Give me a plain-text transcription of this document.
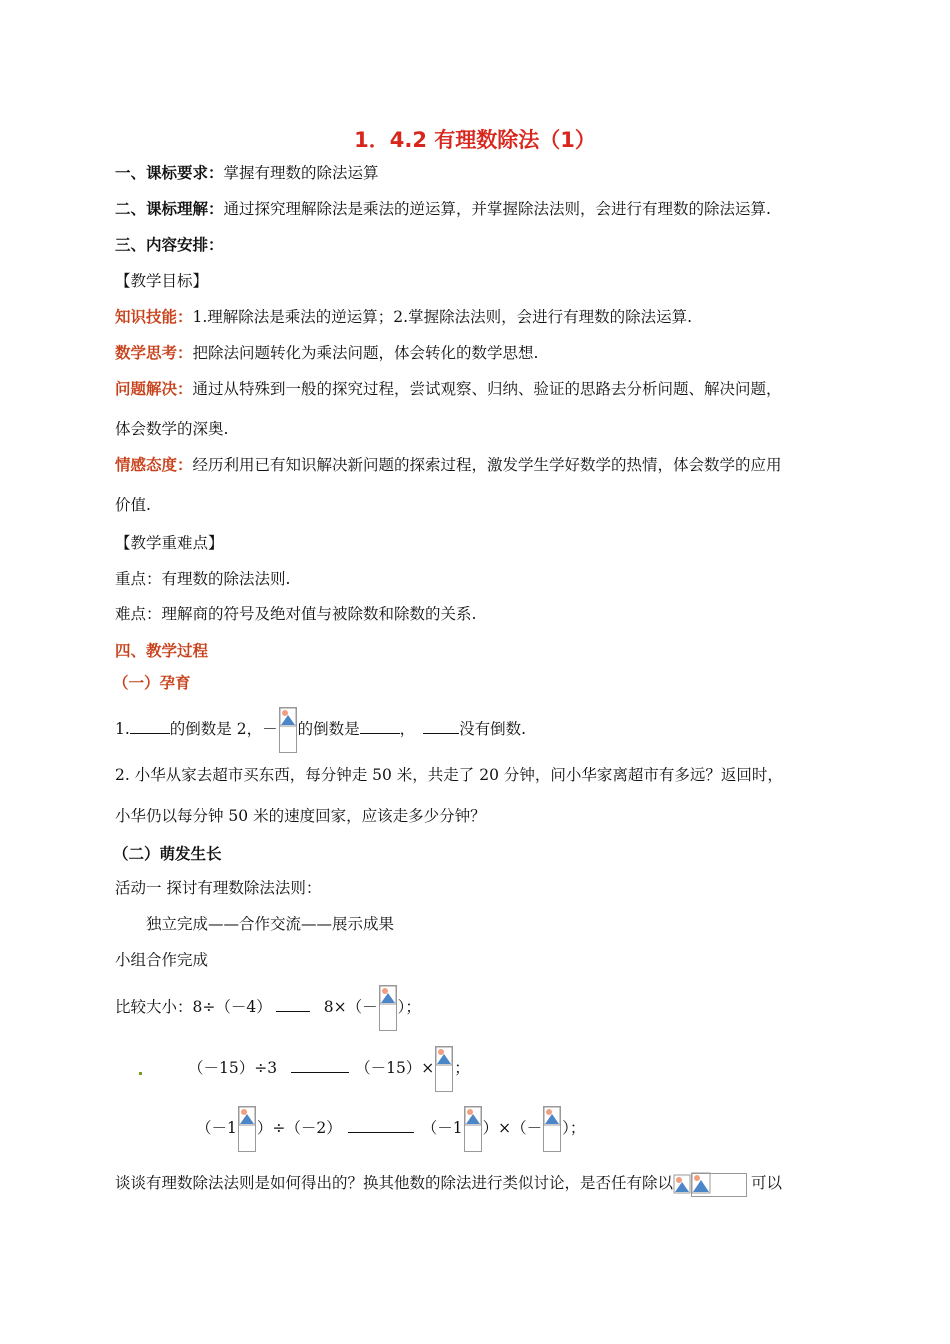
1．4.2 有理数除法（1）
一、课标要求：掌握有理数的除法运算
二、课标理解：通过探究理解除法是乘法的逆运算，并掌握除法法则，会进行有理数的除法运算.
三、内容安排：
【教学目标】
知识技能：1.理解除法是乘法的逆运算；2.掌握除法法则，会进行有理数的除法运算.
数学思考：把除法问题转化为乘法问题，体会转化的数学思想.
问题解决：通过从特殊到一般的探究过程，尝试观察、归纳、验证的思路去分析问题、解决问题，
体会数学的深奥.
情感态度：经历利用已有知识解决新问题的探索过程，激发学生学好数学的热情，体会数学的应用
价值.
【教学重难点】
重点：有理数的除法法则.
难点：理解商的符号及绝对值与被除数和除数的关系.
四、教学过程
（一）孕育
1.	的倒数是 2，－ 的倒数是	，	没有倒数.
2. 小华从家去超市买东西，每分钟走 50 米，共走了 20 分钟，问小华家离超市有多远？返回时，
小华仍以每分钟 50 米的速度回家，应该走多少分钟？
（二）萌发生长
活动一 探讨有理数除法法则：
独立完成——合作交流——展示成果
小组合作完成
比较大小：8÷（－4）	8×（－ ）；
（－15）÷3	（－15）× ；
（－1 ）÷（－2）	（－1 ）×（－ ）；
谈谈有理数除法法则是如何得出的？换其他数的除法进行类似讨论，是否任有除以	可以
